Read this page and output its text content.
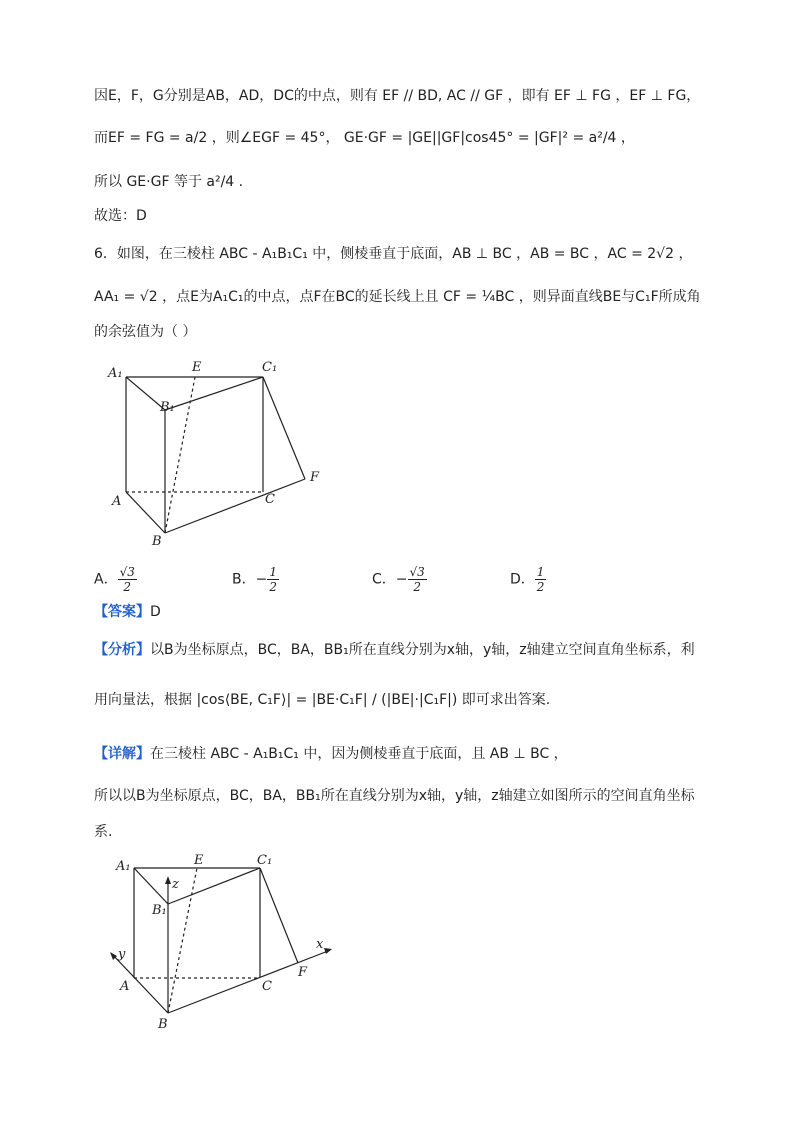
因E，F，G分别是AB，AD，DC的中点，则有 EF // BD, AC // GF ，即有 EF ⊥ FG ，EF ⊥ FG，
而EF = FG = a/2 ，则∠EGF = 45°， GE·GF = |GE||GF|cos45° = |GF|² = a²/4 ，
所以 GE·GF 等于 a²/4 .
故选：D
6．如图，在三棱柱 ABC - A₁B₁C₁ 中，侧棱垂直于底面，AB ⊥ BC ，AB = BC ，AC = 2√2 ，
AA₁ = √2 ，点E为A₁C₁的中点，点F在BC的延长线上且 CF = ¼BC ，则异面直线BE与C₁F所成角
的余弦值为（ ）
A₁	E	C₁
B₁
F
A	C
B
A． $\frac{√3}{2}$	B．− $\frac{1}{2}$	C．− $\frac{√3}{2}$	D． $\frac{1}{2}$
【答案】D
【分析】以B为坐标原点，BC，BA，BB₁所在直线分别为x轴，y轴，z轴建立空间直角坐标系，利
用向量法，根据 |cos⟨BE, C₁F⟩| = |BE·C₁F| / (|BE|·|C₁F|) 即可求出答案.
【详解】在三棱柱 ABC - A₁B₁C₁ 中，因为侧棱垂直于底面，且 AB ⊥ BC ，
所以以B为坐标原点，BC，BA，BB₁所在直线分别为x轴，y轴，z轴建立如图所示的空间直角坐标
系.
A₁	E	C₁
B₁
z
y
x
F
A	C
B
